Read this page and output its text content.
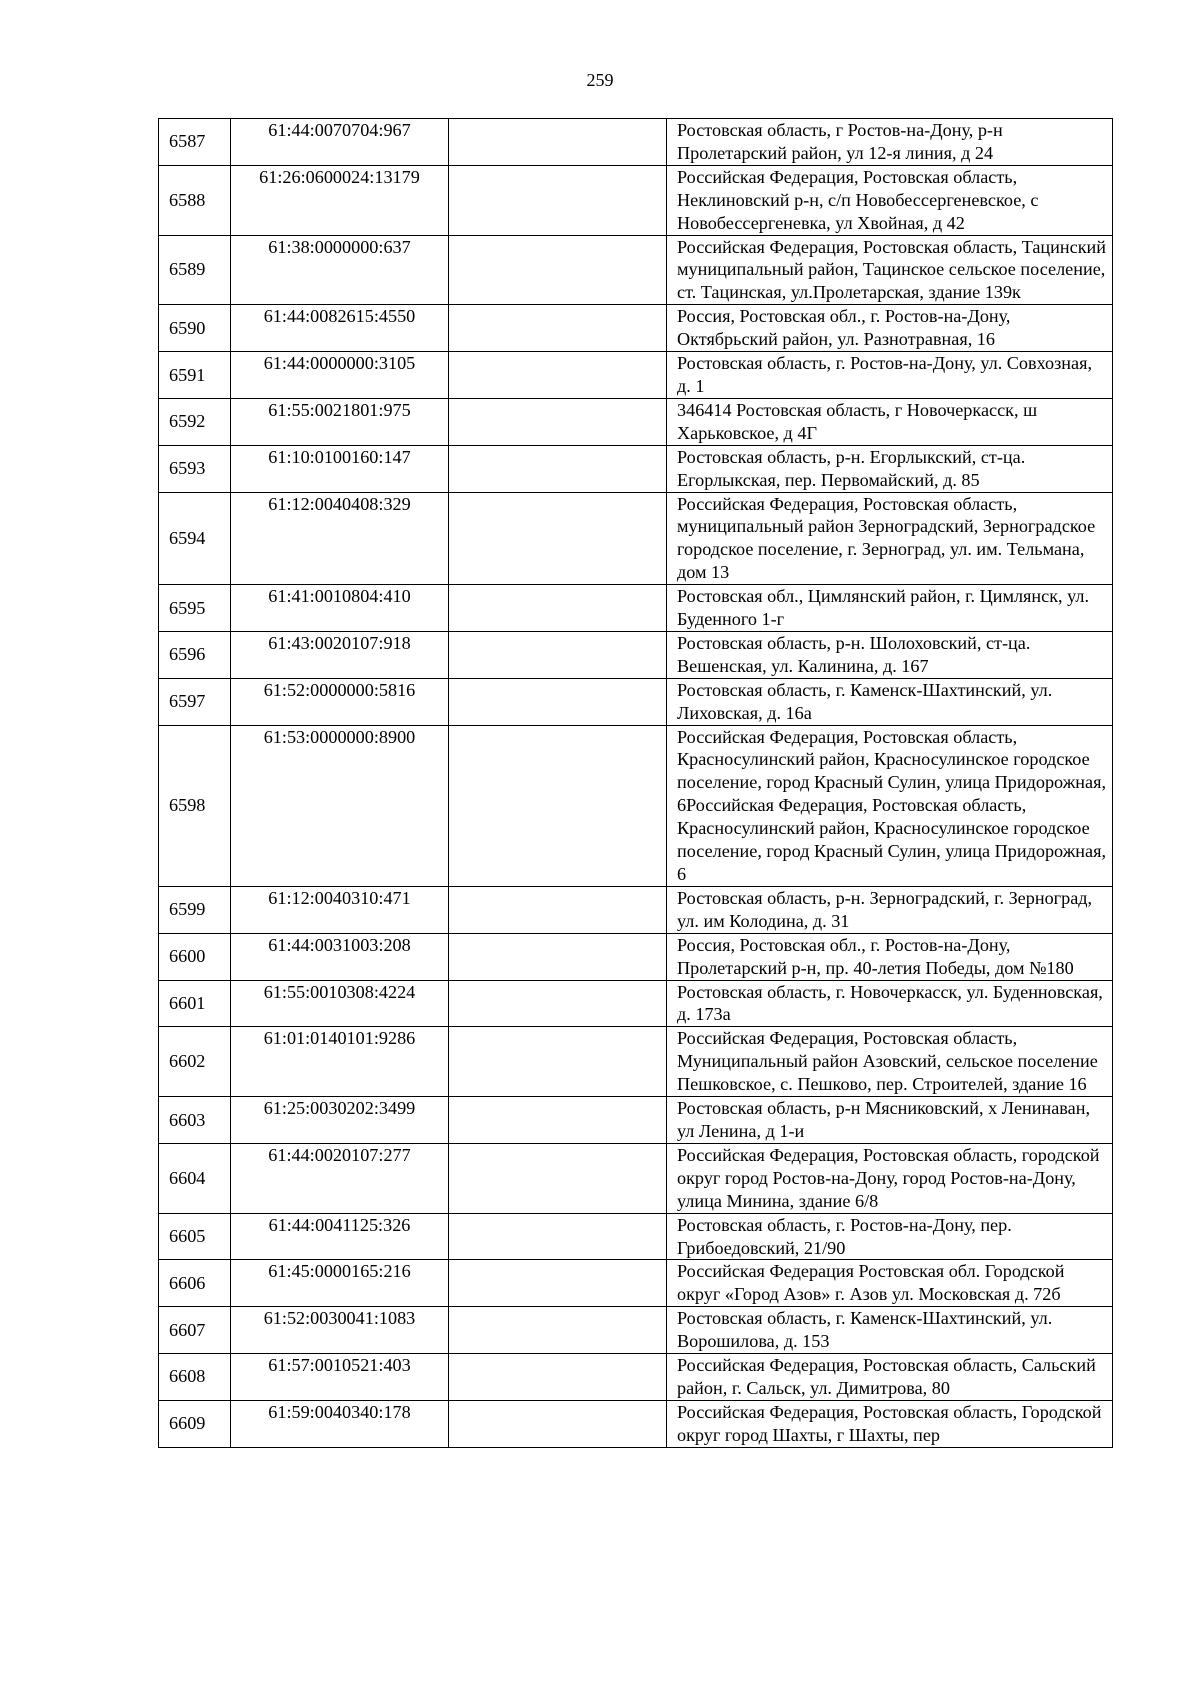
259
6587	61:44:0070704:967		Ростовская область, г Ростов-на-Дону, р-н Пролетарский район, ул 12-я линия, д 24
6588	61:26:0600024:13179		Российская Федерация, Ростовская область, Неклиновский р-н, с/п Новобессергеневское, с Новобессергеневка, ул Хвойная, д 42
6589	61:38:0000000:637		Российская Федерация, Ростовская область, Тацинский муниципальный район, Тацинское сельское поселение, ст. Тацинская, ул.Пролетарская, здание 139к
6590	61:44:0082615:4550		Россия, Ростовская обл., г. Ростов-на-Дону, Октябрьский район, ул. Разнотравная, 16
6591	61:44:0000000:3105		Ростовская область, г. Ростов-на-Дону, ул. Совхозная, д. 1
6592	61:55:0021801:975		346414 Ростовская область, г Новочеркасск, ш Харьковское, д 4Г
6593	61:10:0100160:147		Ростовская область, р-н. Егорлыкский, ст-ца. Егорлыкская, пер. Первомайский, д. 85
6594	61:12:0040408:329		Российская Федерация, Ростовская область, муниципальный район Зерноградский, Зерноградское городское поселение, г. Зерноград, ул. им. Тельмана, дом 13
6595	61:41:0010804:410		Ростовская обл., Цимлянский район, г. Цимлянск, ул. Буденного 1-г
6596	61:43:0020107:918		Ростовская область, р-н. Шолоховский, ст-ца. Вешенская, ул. Калинина, д. 167
6597	61:52:0000000:5816		Ростовская область, г. Каменск-Шахтинский, ул. Лиховская, д. 16а
6598	61:53:0000000:8900		Российская Федерация, Ростовская область, Красносулинский район, Красносулинское городское поселение, город Красный Сулин, улица Придорожная, 6Российская Федерация, Ростовская область, Красносулинский район, Красносулинское городское поселение, город Красный Сулин, улица Придорожная, 6
6599	61:12:0040310:471		Ростовская область, р-н. Зерноградский, г. Зерноград, ул. им Колодина, д. 31
6600	61:44:0031003:208		Россия, Ростовская обл., г. Ростов-на-Дону, Пролетарский р-н, пр. 40-летия Победы, дом №180
6601	61:55:0010308:4224		Ростовская область, г. Новочеркасск, ул. Буденновская, д. 173а
6602	61:01:0140101:9286		Российская Федерация, Ростовская область, Муниципальный район Азовский, сельское поселение Пешковское, с. Пешково, пер. Строителей, здание 16
6603	61:25:0030202:3499		Ростовская область, р-н Мясниковский, х Ленинаван, ул Ленина, д 1-и
6604	61:44:0020107:277		Российская Федерация, Ростовская область, городской округ город Ростов-на-Дону, город Ростов-на-Дону, улица Минина, здание 6/8
6605	61:44:0041125:326		Ростовская область, г. Ростов-на-Дону, пер. Грибоедовский, 21/90
6606	61:45:0000165:216		Российская Федерация Ростовская обл. Городской округ «Город Азов» г. Азов ул. Московская д. 72б
6607	61:52:0030041:1083		Ростовская область, г. Каменск-Шахтинский, ул. Ворошилова, д. 153
6608	61:57:0010521:403		Российская Федерация, Ростовская область, Сальский район, г. Сальск, ул. Димитрова, 80
6609	61:59:0040340:178		Российская Федерация, Ростовская область, Городской округ город Шахты, г Шахты, пер
